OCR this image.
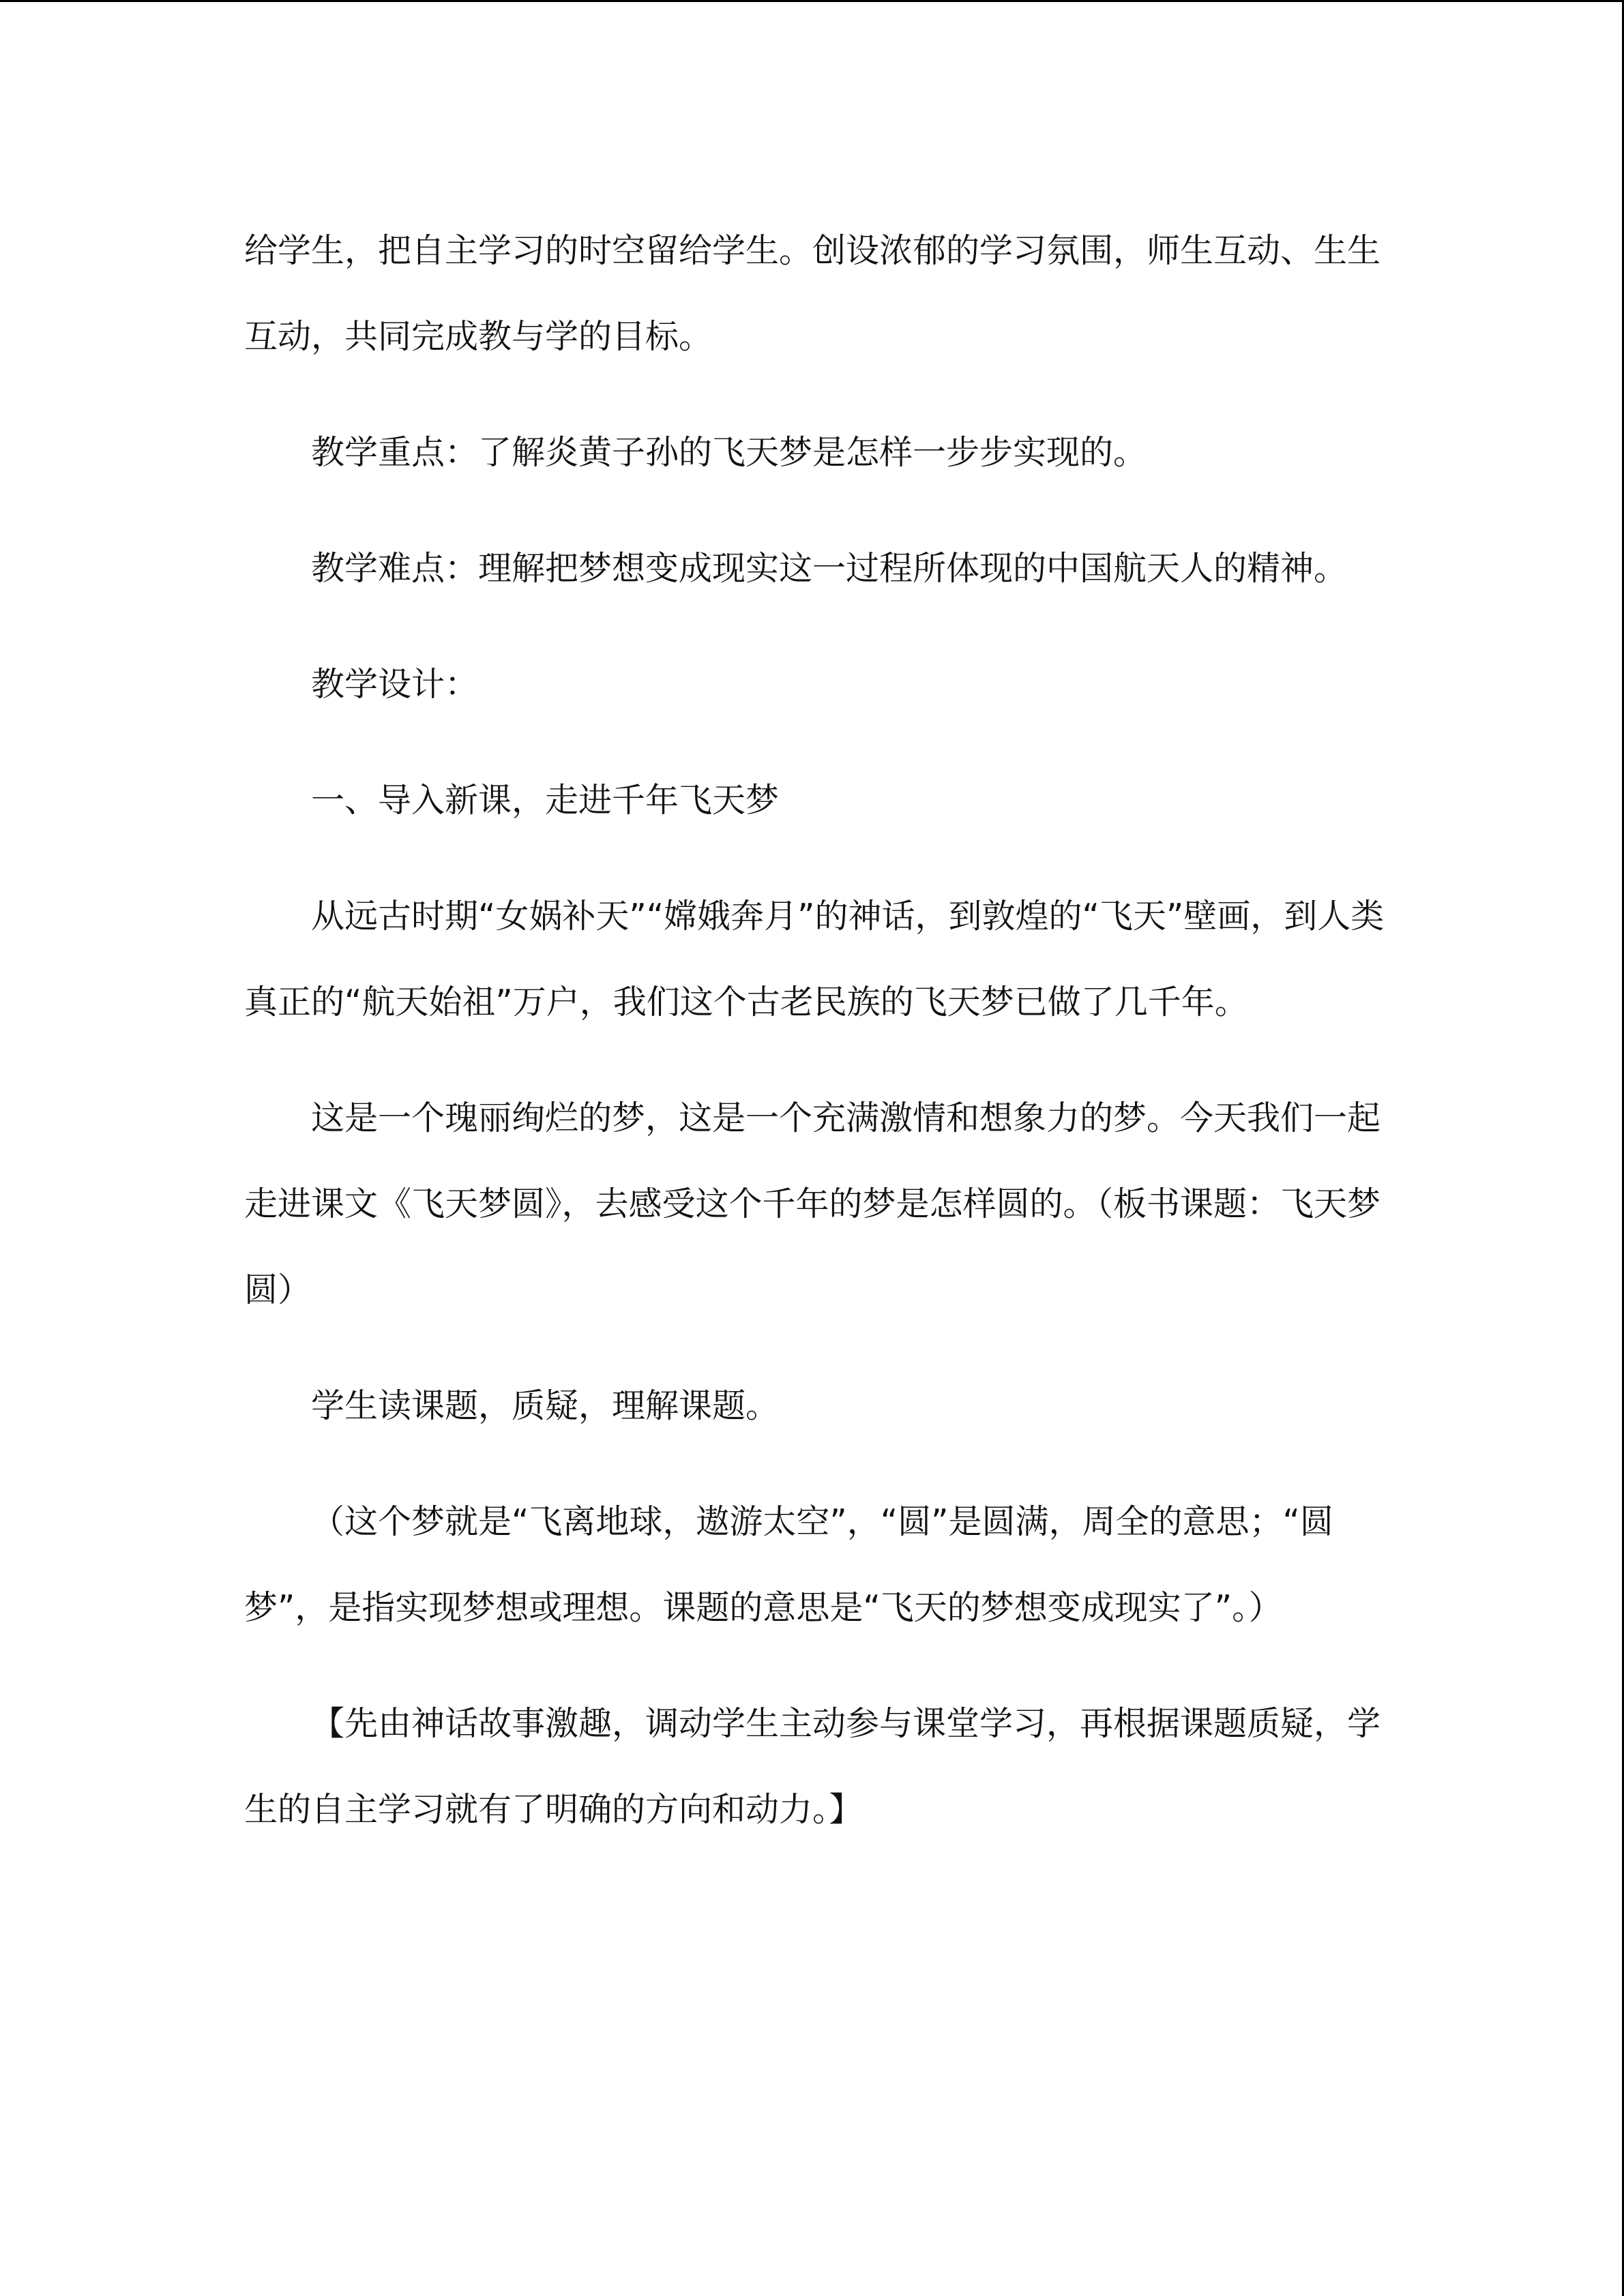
给学生，把自主学习的时空留给学生。创设浓郁的学习氛围，师生互动、生生互动，共同完成教与学的目标。

教学重点：了解炎黄子孙的飞天梦是怎样一步步实现的。

教学难点：理解把梦想变成现实这一过程所体现的中国航天人的精神。

教学设计：

一、导入新课，走进千年飞天梦

从远古时期“女娲补天”“嫦娥奔月”的神话，到敦煌的“飞天”壁画，到人类真正的“航天始祖”万户，我们这个古老民族的飞天梦已做了几千年。

这是一个瑰丽绚烂的梦，这是一个充满激情和想象力的梦。今天我们一起走进课文《飞天梦圆》，去感受这个千年的梦是怎样圆的。（板书课题：飞天梦圆）

学生读课题，质疑，理解课题。

（这个梦就是“飞离地球，遨游太空”，“圆”是圆满，周全的意思；“圆梦”，是指实现梦想或理想。课题的意思是“飞天的梦想变成现实了”。）

【先由神话故事激趣，调动学生主动参与课堂学习，再根据课题质疑，学生的自主学习就有了明确的方向和动力。】
